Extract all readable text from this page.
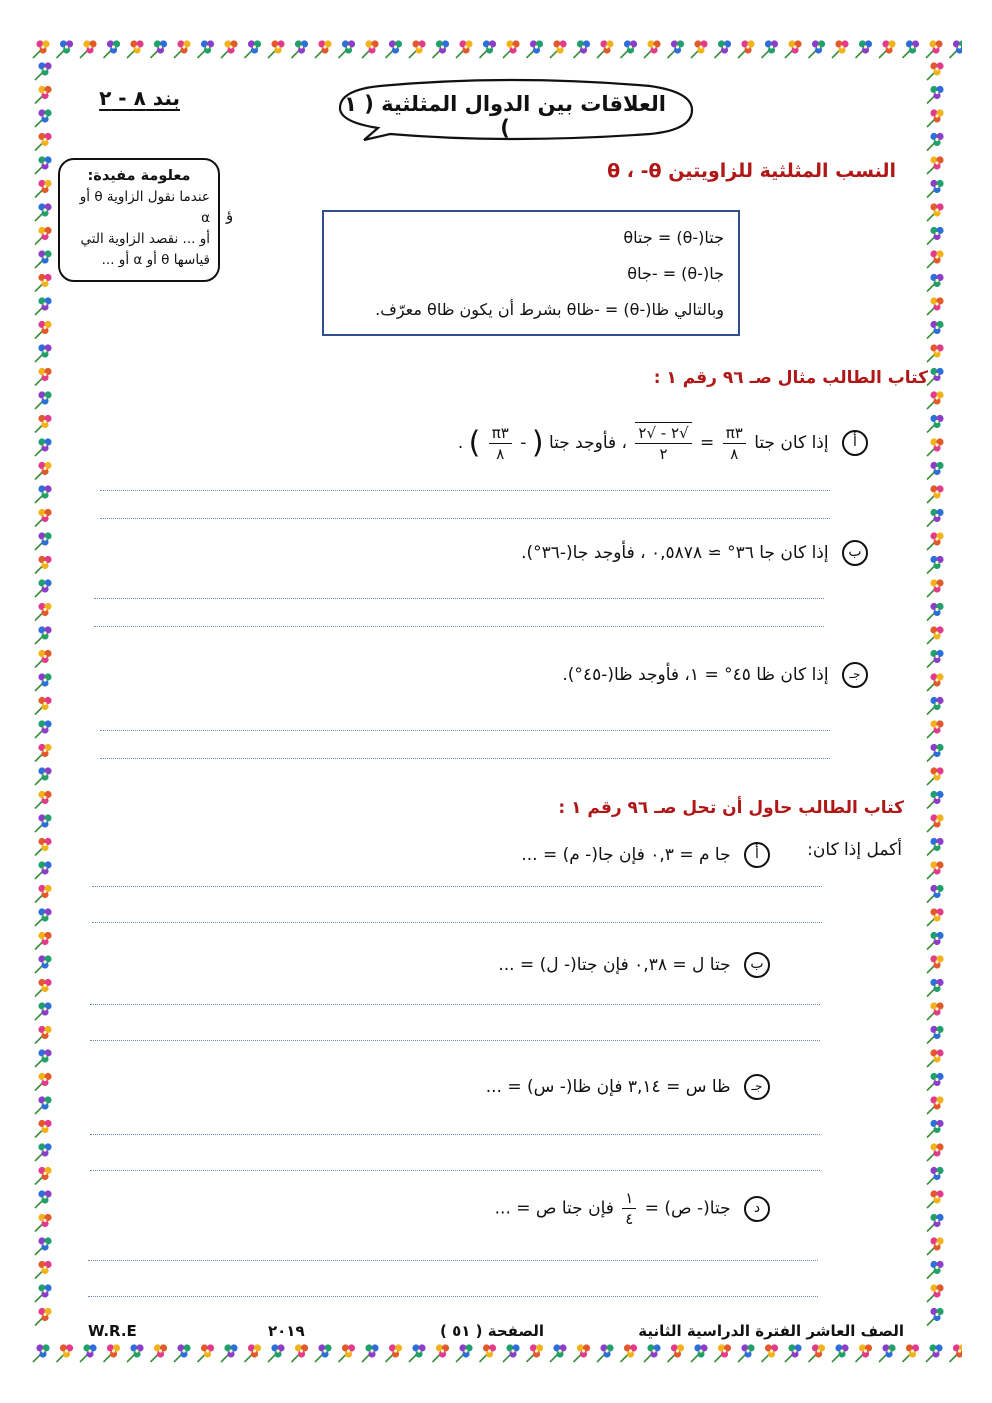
بند ٨ - ٢	العلاقات بين الدوال المثلثية ( ١ )
معلومة مفيدة:
عندما نقول الزاوية θ أو α
أو ... نقصد الزاوية التي
قياسها θ أو α أو ...
ؤ
النسب المثلثية للزاويتين θ ، -θ
جتا(-θ) = جتاθ
جا(-θ) = -جاθ
وبالتالي ظا(-θ) = -ظاθ بشرط أن يكون ظاθ معرّف.
كتاب الطالب مثال صـ ٩٦ رقم ١ :
أ إذا كان جتا
$\frac{\pi ٣}{٨}$
=
$\frac{√٢ - √٢}{٢}$
، فأوجد جتا ( -
$\frac{\pi ٣}{٨}$
) .
ب إذا كان جا ٣٦° ≃ ٠,٥٨٧٨ ، فأوجد جا(-٣٦°).
جـ إذا كان ظا ٤٥° = ١، فأوجد ظا(-٤٥°).
كتاب الطالب حاول أن تحل صـ ٩٦ رقم ١ :
أكمل إذا كان:
أ جا م = ٠,٣ فإن جا(- م) = ...
ب جتا ل = ٠,٣٨ فإن جتا(- ل) = ...
جـ ظا س = ٣,١٤ فإن ظا(- س) = ...
د جتا(- ص) =
$\frac{١}{٤}$
فإن جتا ص = ...
الصف العاشر الفترة الدراسية الثانية
الصفحة ( ٥١ )
٢٠١٩
W.R.E
